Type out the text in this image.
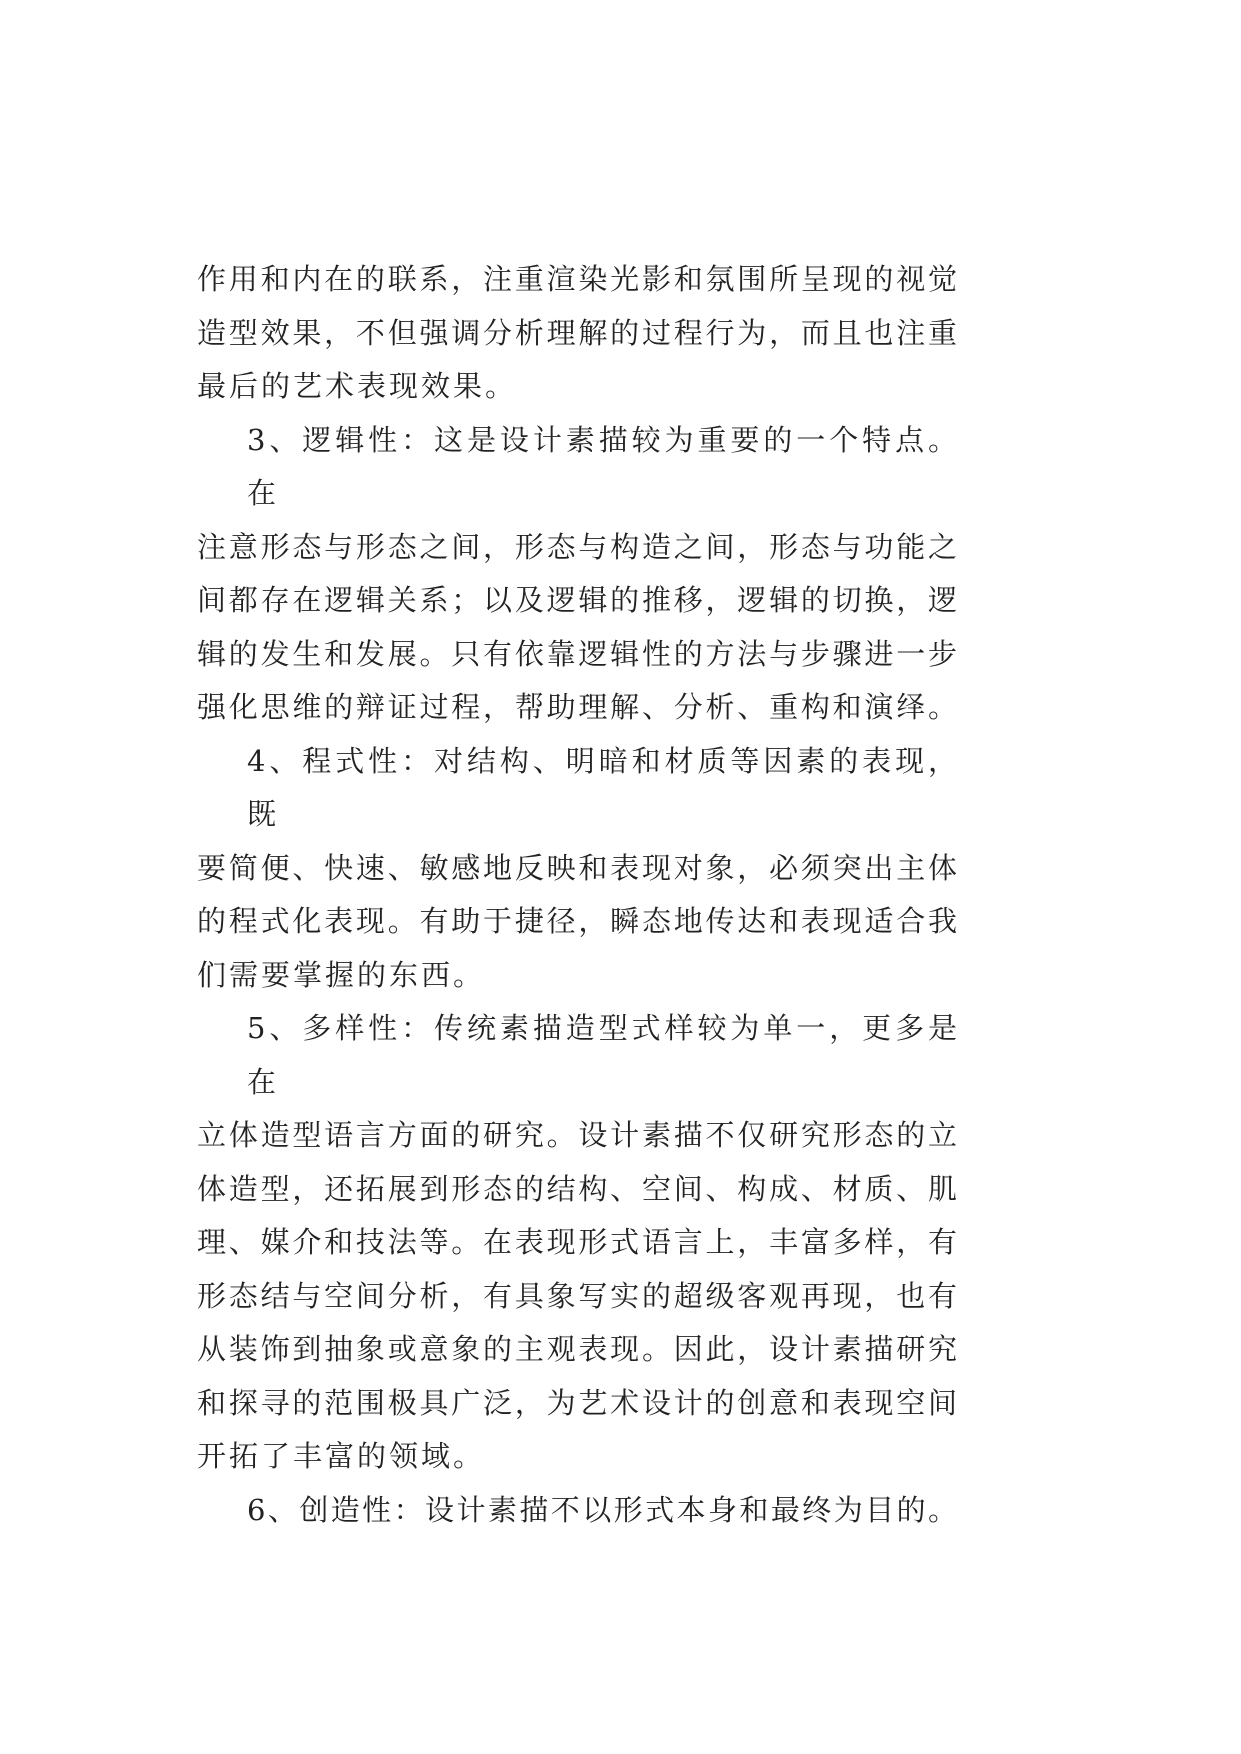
作用和内在的联系，注重渲染光影和氛围所呈现的视觉
造型效果，不但强调分析理解的过程行为，而且也注重
最后的艺术表现效果。
3、逻辑性：这是设计素描较为重要的一个特点。
在
注意形态与形态之间，形态与构造之间，形态与功能之
间都存在逻辑关系；以及逻辑的推移，逻辑的切换，逻
辑的发生和发展。只有依靠逻辑性的方法与步骤进一步
强化思维的辩证过程，帮助理解、分析、重构和演绎。
4、程式性：对结构、明暗和材质等因素的表现，
既
要简便、快速、敏感地反映和表现对象，必须突出主体
的程式化表现。有助于捷径，瞬态地传达和表现适合我
们需要掌握的东西。
5、多样性：传统素描造型式样较为单一，更多是
在
立体造型语言方面的研究。设计素描不仅研究形态的立
体造型，还拓展到形态的结构、空间、构成、材质、肌
理、媒介和技法等。在表现形式语言上，丰富多样，有
形态结与空间分析，有具象写实的超级客观再现，也有
从装饰到抽象或意象的主观表现。因此，设计素描研究
和探寻的范围极具广泛，为艺术设计的创意和表现空间
开拓了丰富的领域。
6、创造性：设计素描不以形式本身和最终为目的。
